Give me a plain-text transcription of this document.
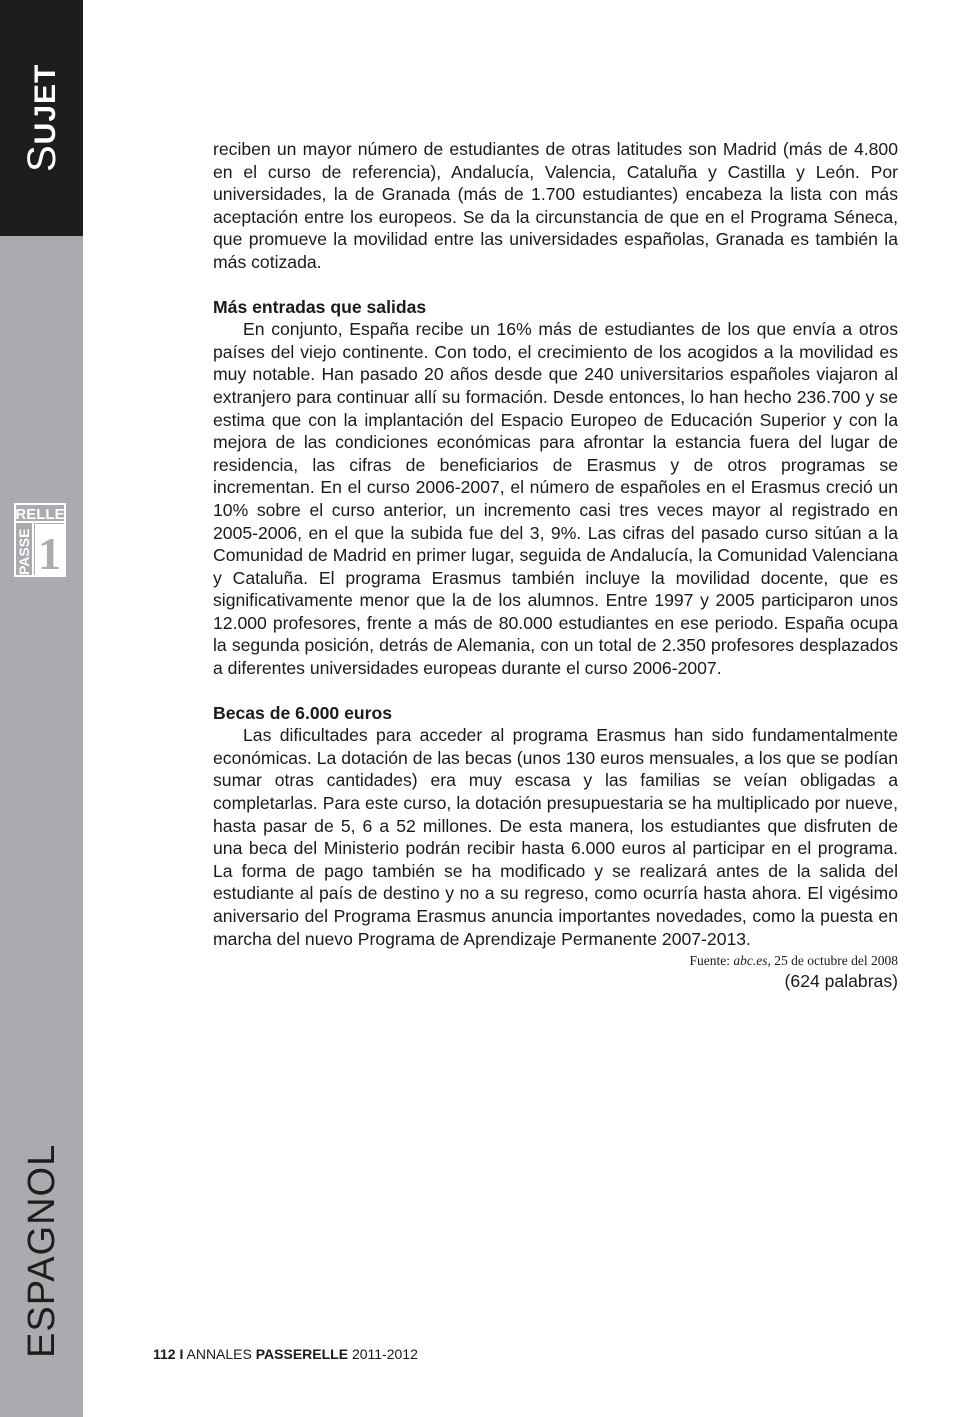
SUJET
RELLE
PASSE 1
ESPAGNOL

reciben un mayor número de estudiantes de otras latitudes son Madrid (más de 4.800 en el curso de referencia), Andalucía, Valencia, Cataluña y Castilla y León. Por universidades, la de Granada (más de 1.700 estudiantes) encabeza la lista con más aceptación entre los europeos. Se da la circunstancia de que en el Programa Séneca, que promueve la movilidad entre las universidades españolas, Granada es también la más cotizada.

Más entradas que salidas

En conjunto, España recibe un 16% más de estudiantes de los que envía a otros países del viejo continente. Con todo, el crecimiento de los acogidos a la movilidad es muy notable. Han pasado 20 años desde que 240 universitarios españoles viajaron al extranjero para continuar allí su formación. Desde entonces, lo han hecho 236.700 y se estima que con la implantación del Espacio Europeo de Educación Superior y con la mejora de las condiciones económicas para afrontar la estancia fuera del lugar de residencia, las cifras de beneficiarios de Erasmus y de otros programas se incrementan. En el curso 2006-2007, el número de españoles en el Erasmus creció un 10% sobre el curso anterior, un incremento casi tres veces mayor al registrado en 2005-2006, en el que la subida fue del 3, 9%. Las cifras del pasado curso sitúan a la Comunidad de Madrid en primer lugar, seguida de Andalucía, la Comunidad Valenciana y Cataluña. El programa Erasmus también incluye la movilidad docente, que es significativamente menor que la de los alumnos. Entre 1997 y 2005 participaron unos 12.000 profesores, frente a más de 80.000 estudiantes en ese periodo. España ocupa la segunda posición, detrás de Alemania, con un total de 2.350 profesores desplazados a diferentes universidades europeas durante el curso 2006-2007.

Becas de 6.000 euros

Las dificultades para acceder al programa Erasmus han sido fundamentalmente económicas. La dotación de las becas (unos 130 euros mensuales, a los que se podían sumar otras cantidades) era muy escasa y las familias se veían obligadas a completarlas. Para este curso, la dotación presupuestaria se ha multiplicado por nueve, hasta pasar de 5, 6 a 52 millones. De esta manera, los estudiantes que disfruten de una beca del Ministerio podrán recibir hasta 6.000 euros al participar en el programa. La forma de pago también se ha modificado y se realizará antes de la salida del estudiante al país de destino y no a su regreso, como ocurría hasta ahora. El vigésimo aniversario del Programa Erasmus anuncia importantes novedades, como la puesta en marcha del nuevo Programa de Aprendizaje Permanente 2007-2013.

Fuente: abc.es, 25 de octubre del 2008

(624 palabras)

112 I ANNALES PASSERELLE 2011-2012
